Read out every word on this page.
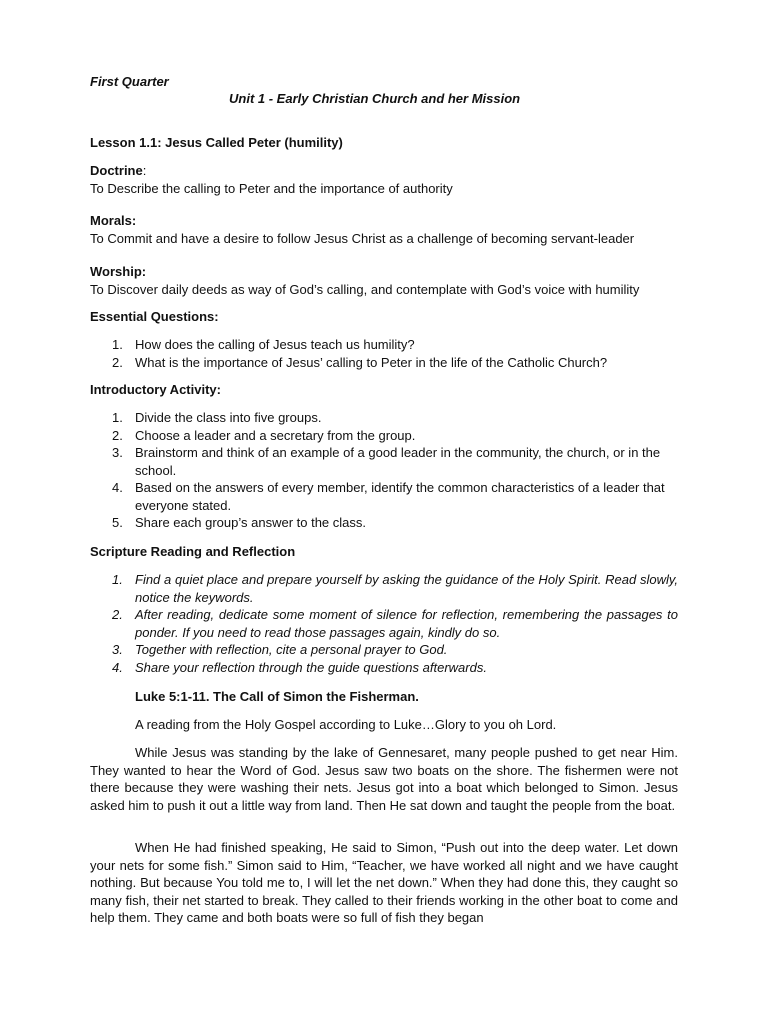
First Quarter
Unit 1 - Early Christian Church and her Mission
Lesson 1.1: Jesus Called Peter (humility)
Doctrine:
To Describe the calling to Peter and the importance of authority
Morals:
To Commit and have a desire to follow Jesus Christ as a challenge of becoming servant-leader
Worship:
To Discover daily deeds as way of God’s calling, and contemplate with God’s voice with humility
Essential Questions:
1. How does the calling of Jesus teach us humility?
2. What is the importance of Jesus’ calling to Peter in the life of the Catholic Church?
Introductory Activity:
1. Divide the class into five groups.
2. Choose a leader and a secretary from the group.
3. Brainstorm and think of an example of a good leader in the community, the church, or in the school.
4. Based on the answers of every member, identify the common characteristics of a leader that everyone stated.
5. Share each group’s answer to the class.
Scripture Reading and Reflection
1. Find a quiet place and prepare yourself by asking the guidance of the Holy Spirit. Read slowly, notice the keywords.
2. After reading, dedicate some moment of silence for reflection, remembering the passages to ponder. If you need to read those passages again, kindly do so.
3. Together with reflection, cite a personal prayer to God.
4. Share your reflection through the guide questions afterwards.
Luke 5:1-11. The Call of Simon the Fisherman.
A reading from the Holy Gospel according to Luke…Glory to you oh Lord.
While Jesus was standing by the lake of Gennesaret, many people pushed to get near Him. They wanted to hear the Word of God. Jesus saw two boats on the shore. The fishermen were not there because they were washing their nets. Jesus got into a boat which belonged to Simon. Jesus asked him to push it out a little way from land. Then He sat down and taught the people from the boat.
When He had finished speaking, He said to Simon, “Push out into the deep water. Let down your nets for some fish.” Simon said to Him, “Teacher, we have worked all night and we have caught nothing. But because You told me to, I will let the net down.” When they had done this, they caught so many fish, their net started to break. They called to their friends working in the other boat to come and help them. They came and both boats were so full of fish they began
